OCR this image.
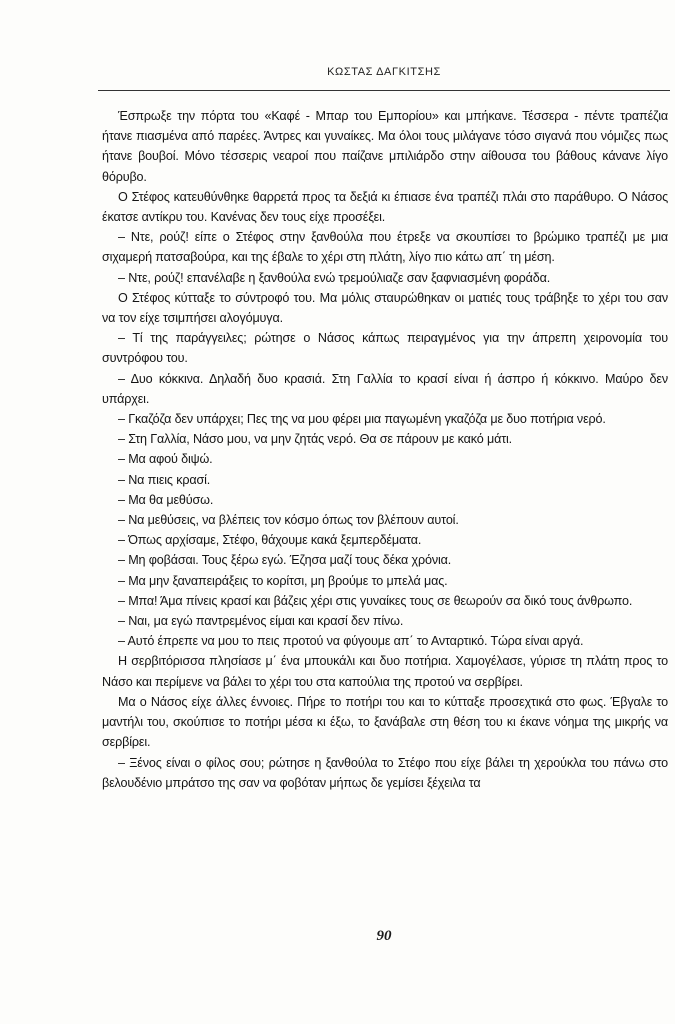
ΚΩΣΤΑΣ ΔΑΓΚΙΤΣΗΣ

Έσπρωξε την πόρτα του «Καφέ - Μπαρ του Εμπορίου» και μπήκανε. Τέσσερα - πέντε τραπέζια ήτανε πιασμένα από παρέες. Άντρες και γυναίκες. Μα όλοι τους μιλάγανε τόσο σιγανά που νόμιζες πως ήτανε βουβοί. Μόνο τέσσερις νεαροί που παίζανε μπιλιάρδο στην αίθουσα του βάθους κάνανε λίγο θόρυβο.

Ο Στέφος κατευθύνθηκε θαρρετά προς τα δεξιά κι έπιασε ένα τραπέζι πλάι στο παράθυρο. Ο Νάσος έκατσε αντίκρυ του. Κανένας δεν τους είχε προσέξει.

– Ντε, ρούζ! είπε ο Στέφος στην ξανθούλα που έτρεξε να σκουπίσει το βρώμικο τραπέζι με μια σιχαμερή πατσαβούρα, και της έβαλε το χέρι στη πλάτη, λίγο πιο κάτω απ΄ τη μέση.

– Ντε, ρούζ! επανέλαβε η ξανθούλα ενώ τρεμούλιαζε σαν ξαφνιασμένη φοράδα.

Ο Στέφος κύτταξε το σύντροφό του. Μα μόλις σταυρώθηκαν οι ματιές τους τράβηξε το χέρι του σαν να τον είχε τσιμπήσει αλογόμυγα.

– Τί της παράγγειλες; ρώτησε ο Νάσος κάπως πειραγμένος για την άπρεπη χειρονομία του συντρόφου του.

– Δυο κόκκινα. Δηλαδή δυο κρασιά. Στη Γαλλία το κρασί είναι ή άσπρο ή κόκκινο. Μαύρο δεν υπάρχει.

– Γκαζόζα δεν υπάρχει; Πες της να μου φέρει μια παγωμένη γκαζόζα με δυο ποτήρια νερό.

– Στη Γαλλία, Νάσο μου, να μην ζητάς νερό. Θα σε πάρουν με κακό μάτι.

– Μα αφού διψώ.

– Να πιεις κρασί.

– Μα θα μεθύσω.

– Να μεθύσεις, να βλέπεις τον κόσμο όπως τον βλέπουν αυτοί.

– Όπως αρχίσαμε, Στέφο, θάχουμε κακά ξεμπερδέματα.

– Μη φοβάσαι. Τους ξέρω εγώ. Έζησα μαζί τους δέκα χρόνια.

– Μα μην ξαναπειράξεις το κορίτσι, μη βρούμε το μπελά μας.

– Μπα! Άμα πίνεις κρασί και βάζεις χέρι στις γυναίκες τους σε θεωρούν σα δικό τους άνθρωπο.

– Ναι, μα εγώ παντρεμένος είμαι και κρασί δεν πίνω.

– Αυτό έπρεπε να μου το πεις προτού να φύγουμε απ΄ το Ανταρτικό. Τώρα είναι αργά.

Η σερβιτόρισσα πλησίασε μ΄ ένα μπουκάλι και δυο ποτήρια. Χαμογέλασε, γύρισε τη πλάτη προς το Νάσο και περίμενε να βάλει το χέρι του στα καπούλια της προτού να σερβίρει.

Μα ο Νάσος είχε άλλες έννοιες. Πήρε το ποτήρι του και το κύτταξε προσεχτικά στο φως. Έβγαλε το μαντήλι του, σκούπισε το ποτήρι μέσα κι έξω, το ξανάβαλε στη θέση του κι έκανε νόημα της μικρής να σερβίρει.

– Ξένος είναι ο φίλος σου; ρώτησε η ξανθούλα το Στέφο που είχε βάλει τη χερούκλα του πάνω στο βελουδένιο μπράτσο της σαν να φοβόταν μήπως δε γεμίσει ξέχειλα τα

90
